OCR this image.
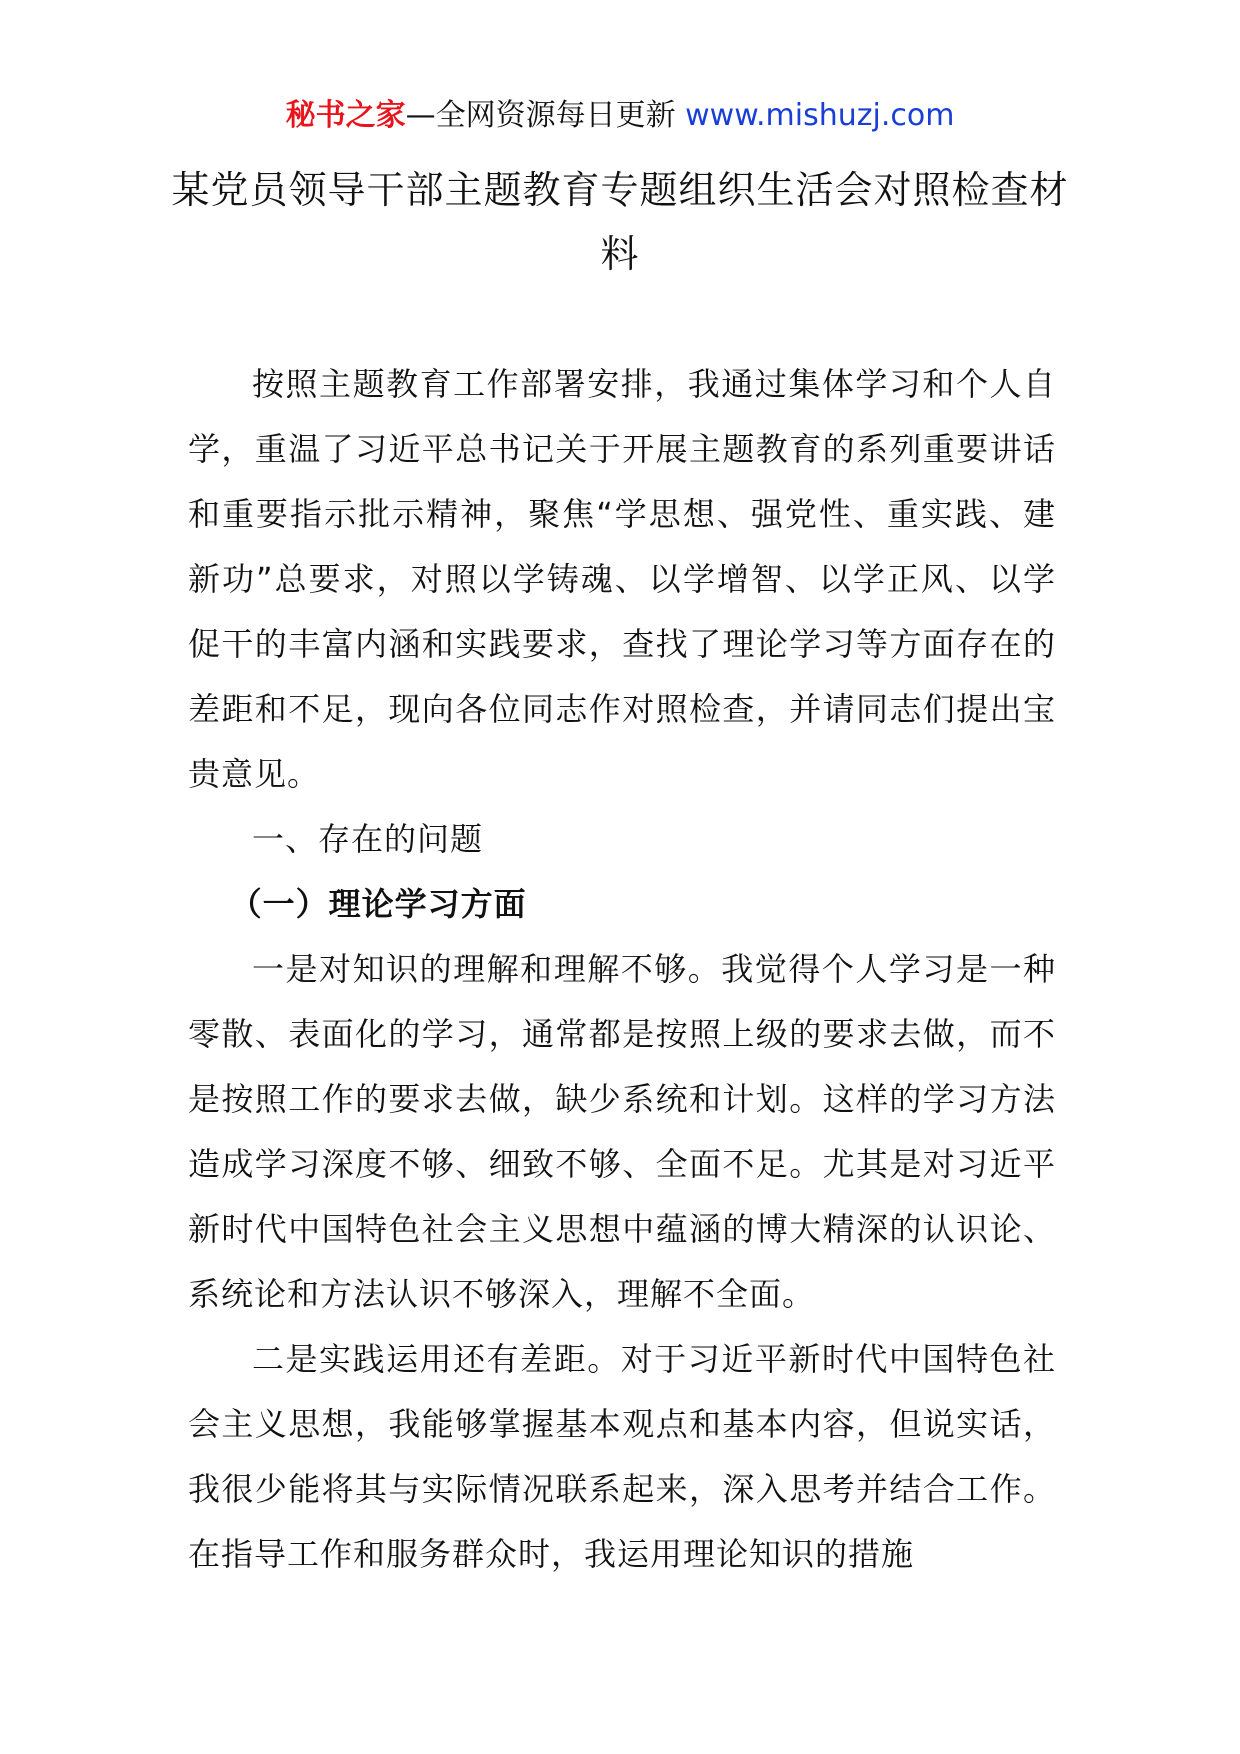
秘书之家—全网资源每日更新 www.mishuzj.com
某党员领导干部主题教育专题组织生活会对照检查材料

按照主题教育工作部署安排，我通过集体学习和个人自学，重温了习近平总书记关于开展主题教育的系列重要讲话和重要指示批示精神，聚焦“学思想、强党性、重实践、建新功”总要求，对照以学铸魂、以学增智、以学正风、以学促干的丰富内涵和实践要求，查找了理论学习等方面存在的差距和不足，现向各位同志作对照检查，并请同志们提出宝贵意见。

一、存在的问题

（一）理论学习方面

一是对知识的理解和理解不够。我觉得个人学习是一种零散、表面化的学习，通常都是按照上级的要求去做，而不是按照工作的要求去做，缺少系统和计划。这样的学习方法造成学习深度不够、细致不够、全面不足。尤其是对习近平新时代中国特色社会主义思想中蕴涵的博大精深的认识论、系统论和方法认识不够深入，理解不全面。

二是实践运用还有差距。对于习近平新时代中国特色社会主义思想，我能够掌握基本观点和基本内容，但说实话，我很少能将其与实际情况联系起来，深入思考并结合工作。在指导工作和服务群众时，我运用理论知识的措施
